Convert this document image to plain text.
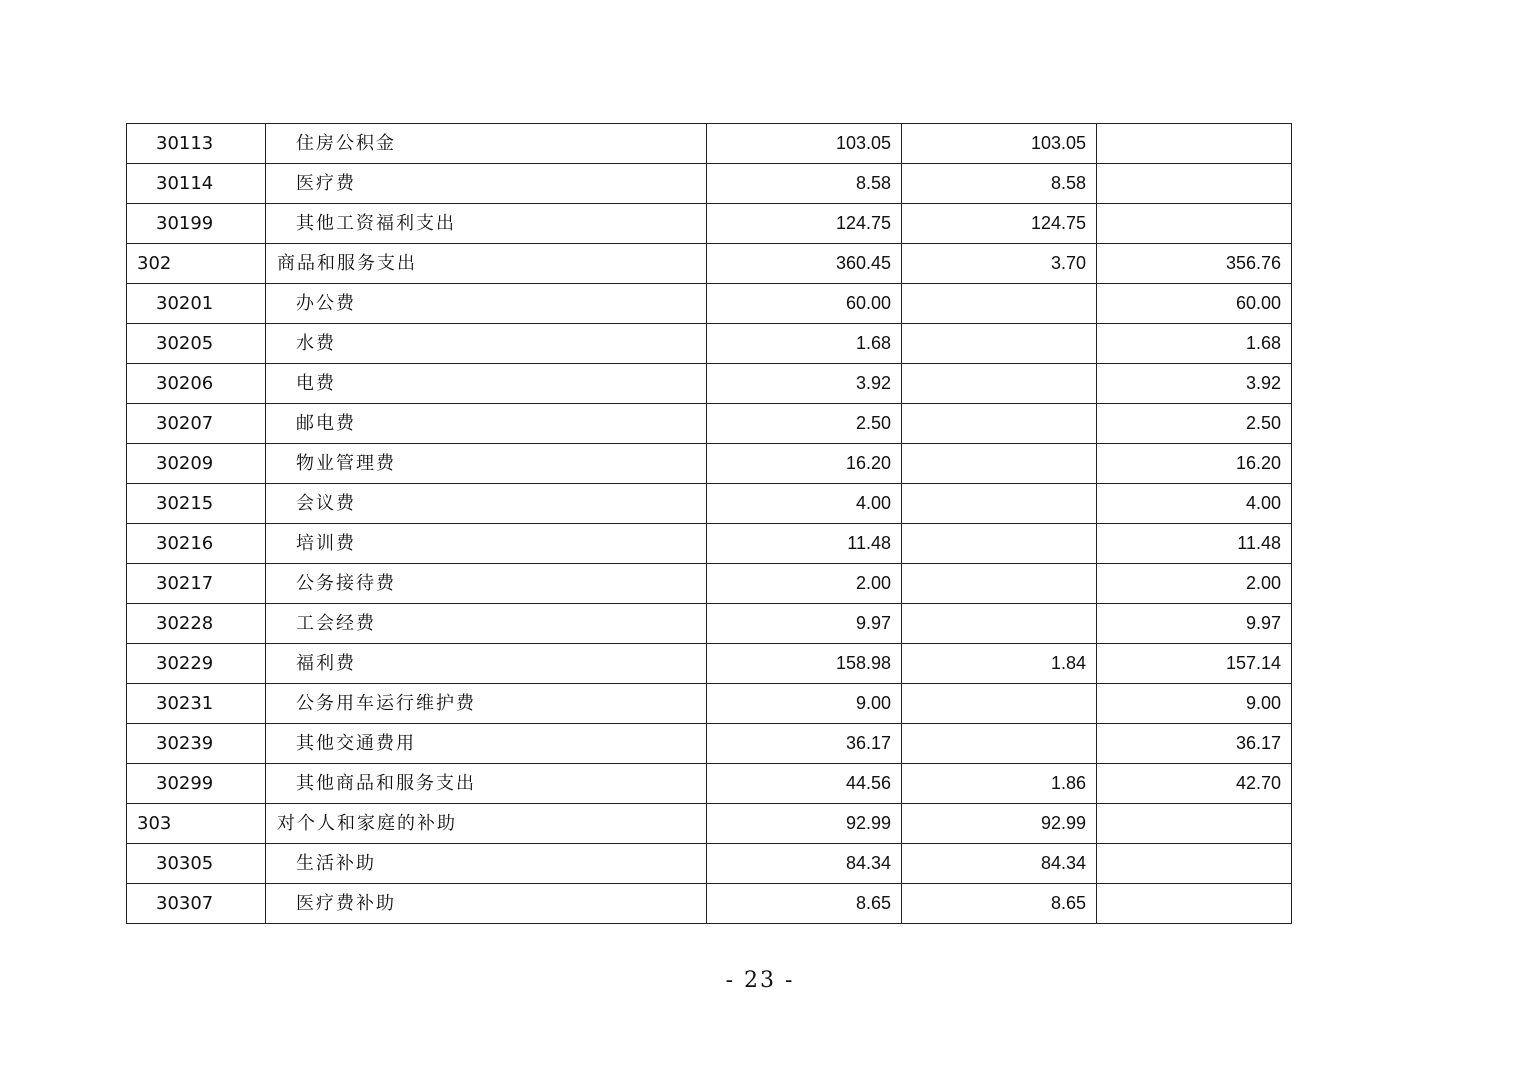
30113	住房公积金	103.05	103.05	
30114	医疗费	8.58	8.58	
30199	其他工资福利支出	124.75	124.75	
302	商品和服务支出	360.45	3.70	356.76
30201	办公费	60.00		60.00
30205	水费	1.68		1.68
30206	电费	3.92		3.92
30207	邮电费	2.50		2.50
30209	物业管理费	16.20		16.20
30215	会议费	4.00		4.00
30216	培训费	11.48		11.48
30217	公务接待费	2.00		2.00
30228	工会经费	9.97		9.97
30229	福利费	158.98	1.84	157.14
30231	公务用车运行维护费	9.00		9.00
30239	其他交通费用	36.17		36.17
30299	其他商品和服务支出	44.56	1.86	42.70
303	对个人和家庭的补助	92.99	92.99	
30305	生活补助	84.34	84.34	
30307	医疗费补助	8.65	8.65	
- 23 -
